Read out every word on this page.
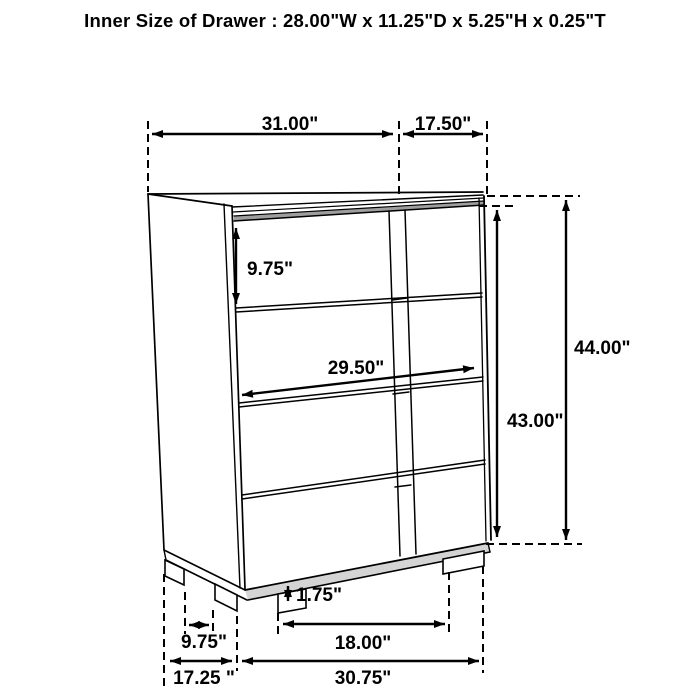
Inner Size of Drawer : 28.00"W x 11.25"D x 5.25"H x 0.25"T
31.00"	17.50"
9.75"
29.50"
44.00"
43.00"
1.75"
9.75"	18.00"
17.25 "	30.75"
